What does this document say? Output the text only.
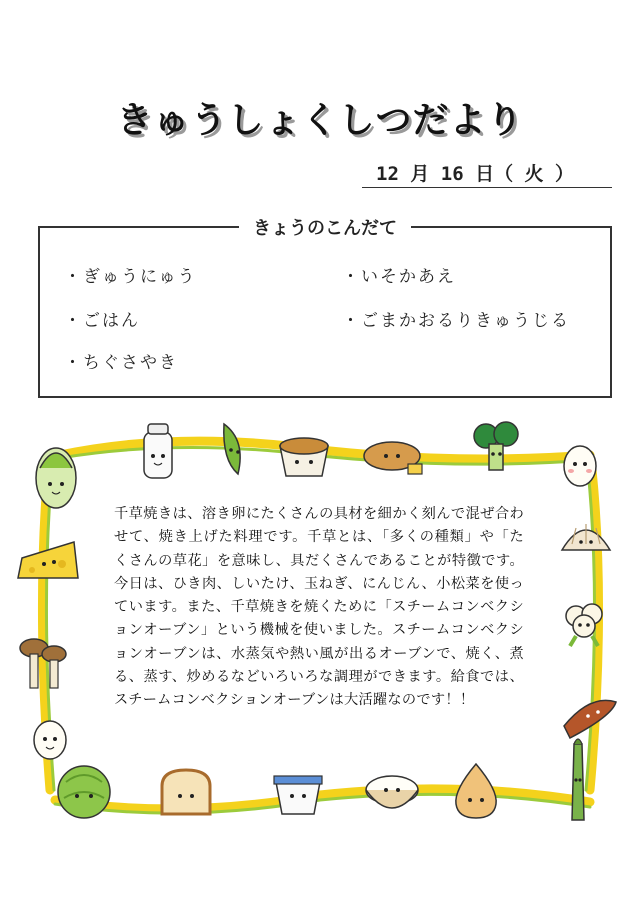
きゅうしょくしつだより
12 月 16 日（ 火 ）
きょうのこんだて
・ぎゅうにゅう	・いそかあえ
・ごはん	・ごまかおるりきゅうじる
・ちぐさやき
千草焼きは、溶き卵にたくさんの具材を細かく刻んで混ぜ合わせて、焼き上げた料理です。千草とは、「多くの種類」や「たくさんの草花」を意味し、具だくさんであることが特徴です。今日は、ひき肉、しいたけ、玉ねぎ、にんじん、小松菜を使っています。また、千草焼きを焼くために「スチームコンベクションオーブン」という機械を使いました。スチームコンベクションオーブンは、水蒸気や熱い風が出るオーブンで、焼く、煮る、蒸す、炒めるなどいろいろな調理ができます。給食では、スチームコンベクションオーブンは大活躍なのです！！
